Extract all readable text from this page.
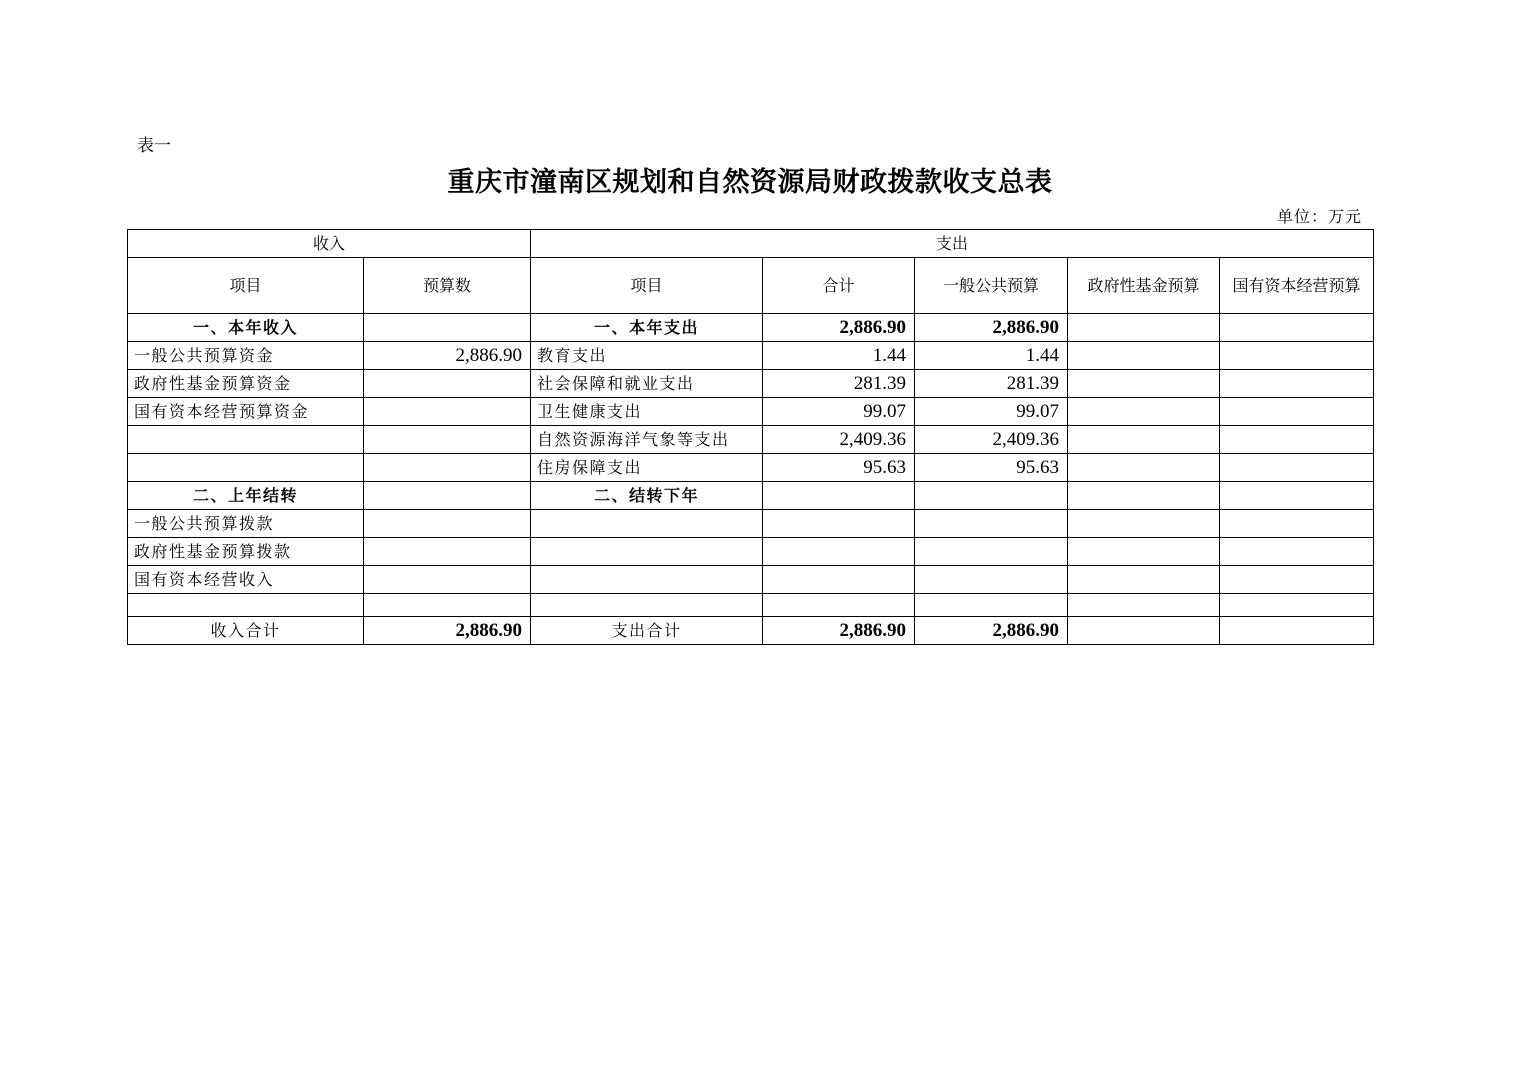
表一
重庆市潼南区规划和自然资源局财政拨款收支总表
单位：万元
收入		支出				
项目	预算数	项目	合计	一般公共预算	政府性基金预算	国有资本经营预算
一、本年收入		一、本年支出	2,886.90	2,886.90		
一般公共预算资金	2,886.90	教育支出	1.44	1.44		
政府性基金预算资金		社会保障和就业支出	281.39	281.39		
国有资本经营预算资金		卫生健康支出	99.07	99.07		
		自然资源海洋气象等支出	2,409.36	2,409.36		
		住房保障支出	95.63	95.63		
二、上年结转		二、结转下年				
一般公共预算拨款						
政府性基金预算拨款						
国有资本经营收入						

收入合计	2,886.90	支出合计	2,886.90	2,886.90		
